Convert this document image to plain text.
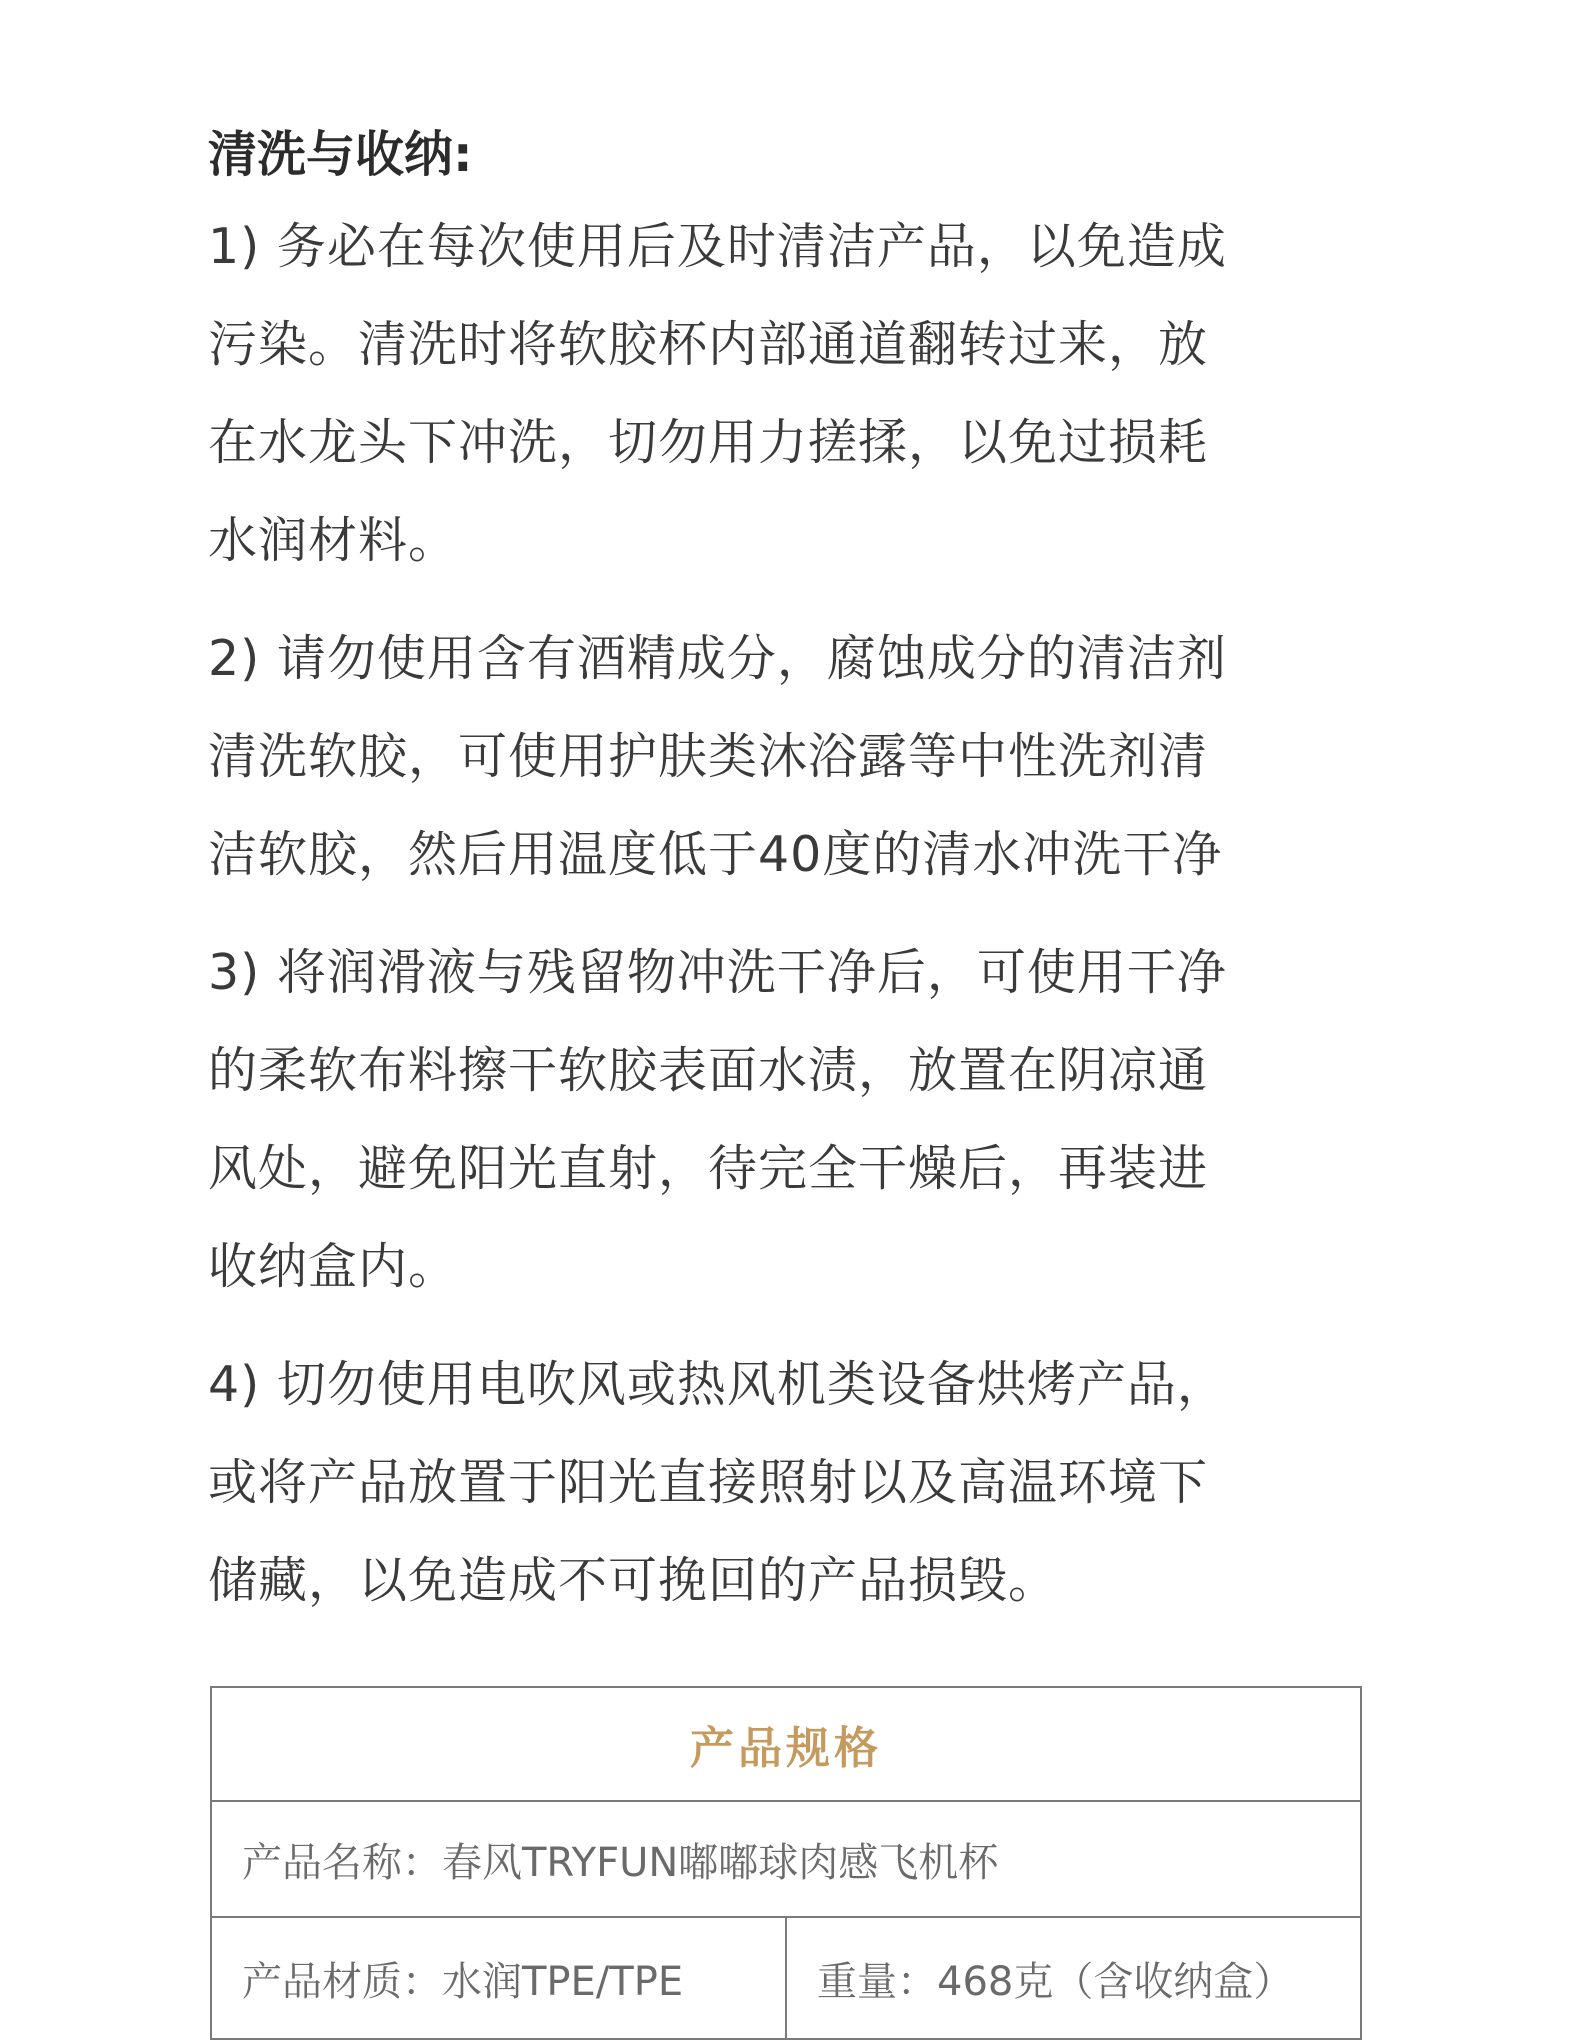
清洗与收纳:

1) 务必在每次使用后及时清洁产品，以免造成
污染。清洗时将软胶杯内部通道翻转过来，放
在水龙头下冲洗，切勿用力搓揉，以免过损耗
水润材料。

2) 请勿使用含有酒精成分，腐蚀成分的清洁剂
清洗软胶，可使用护肤类沐浴露等中性洗剂清
洁软胶，然后用温度低于40度的清水冲洗干净

3) 将润滑液与残留物冲洗干净后，可使用干净
的柔软布料擦干软胶表面水渍，放置在阴凉通
风处，避免阳光直射，待完全干燥后，再装进
收纳盒内。

4) 切勿使用电吹风或热风机类设备烘烤产品，
或将产品放置于阳光直接照射以及高温环境下
储藏，以免造成不可挽回的产品损毁。

产品规格
产品名称：春风TRYFUN嘟嘟球肉感飞机杯
产品材质：水润TPE/TPE	重量：468克（含收纳盒）
